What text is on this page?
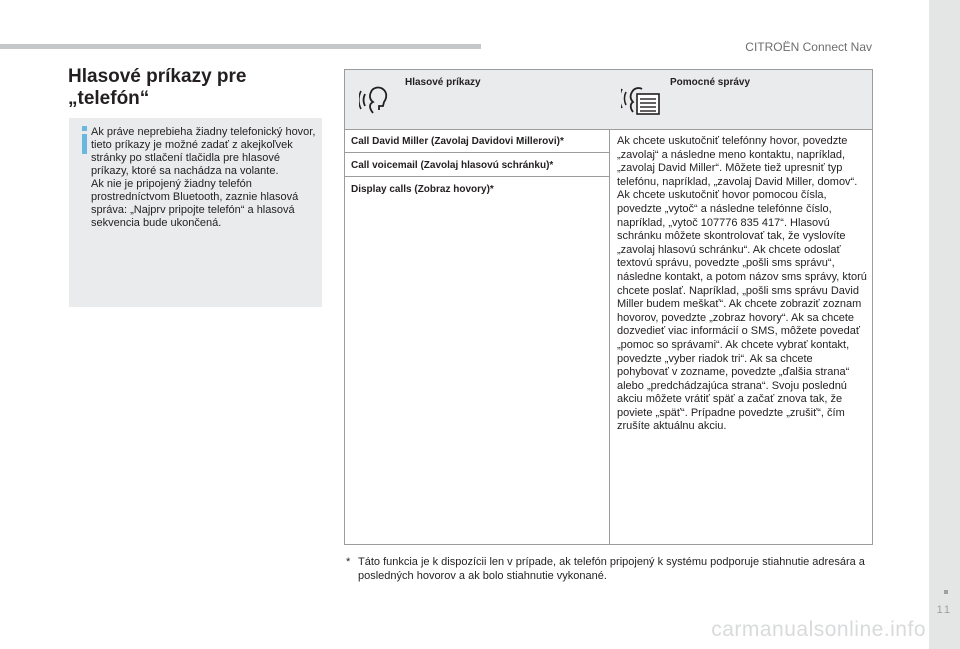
CITROËN Connect Nav
11
Hlasové príkazy pre „telefón“

Ak práve neprebieha žiadny telefonický hovor, tieto príkazy je možné zadať z akejkoľvek stránky po stlačení tlačidla pre hlasové príkazy, ktoré sa nachádza na volante.

Ak nie je pripojený žiadny telefón prostredníctvom Bluetooth, zaznie hlasová správa: „Najprv pripojte telefón“ a hlasová sekvencia bude ukončená.

Hlasové príkazy	Pomocné správy
Call David Miller (Zavolaj Davidovi Millerovi)*
Call voicemail (Zavolaj hlasovú schránku)*
Display calls (Zobraz hovory)*
Ak chcete uskutočniť telefónny hovor, povedzte „zavolaj“ a následne meno kontaktu, napríklad, „zavolaj David Miller“. Môžete tiež upresniť typ telefónu, napríklad, „zavolaj David Miller, domov“. Ak chcete uskutočniť hovor pomocou čísla, povedzte „vytoč“ a následne telefónne číslo, napríklad, „vytoč 107776 835 417“. Hlasovú schránku môžete skontrolovať tak, že vyslovíte „zavolaj hlasovú schránku“. Ak chcete odoslať textovú správu, povedzte „pošli sms správu“, následne kontakt, a potom názov sms správy, ktorú chcete poslať. Napríklad, „pošli sms správu David Miller budem meškať“. Ak chcete zobraziť zoznam hovorov, povedzte „zobraz hovory“. Ak sa chcete dozvedieť viac informácií o SMS, môžete povedať „pomoc so správami“. Ak chcete vybrať kontakt, povedzte „vyber riadok tri“. Ak sa chcete pohybovať v zozname, povedzte „ďalšia strana“ alebo „predchádzajúca strana“. Svoju poslednú akciu môžete vrátiť späť a začať znova tak, že poviete „späť“. Prípadne povedzte „zrušiť“, čím zrušíte aktuálnu akciu.
* Táto funkcia je k dispozícii len v prípade, ak telefón pripojený k systému podporuje stiahnutie adresára a posledných hovorov a ak bolo stiahnutie vykonané.
carmanualsonline.info
